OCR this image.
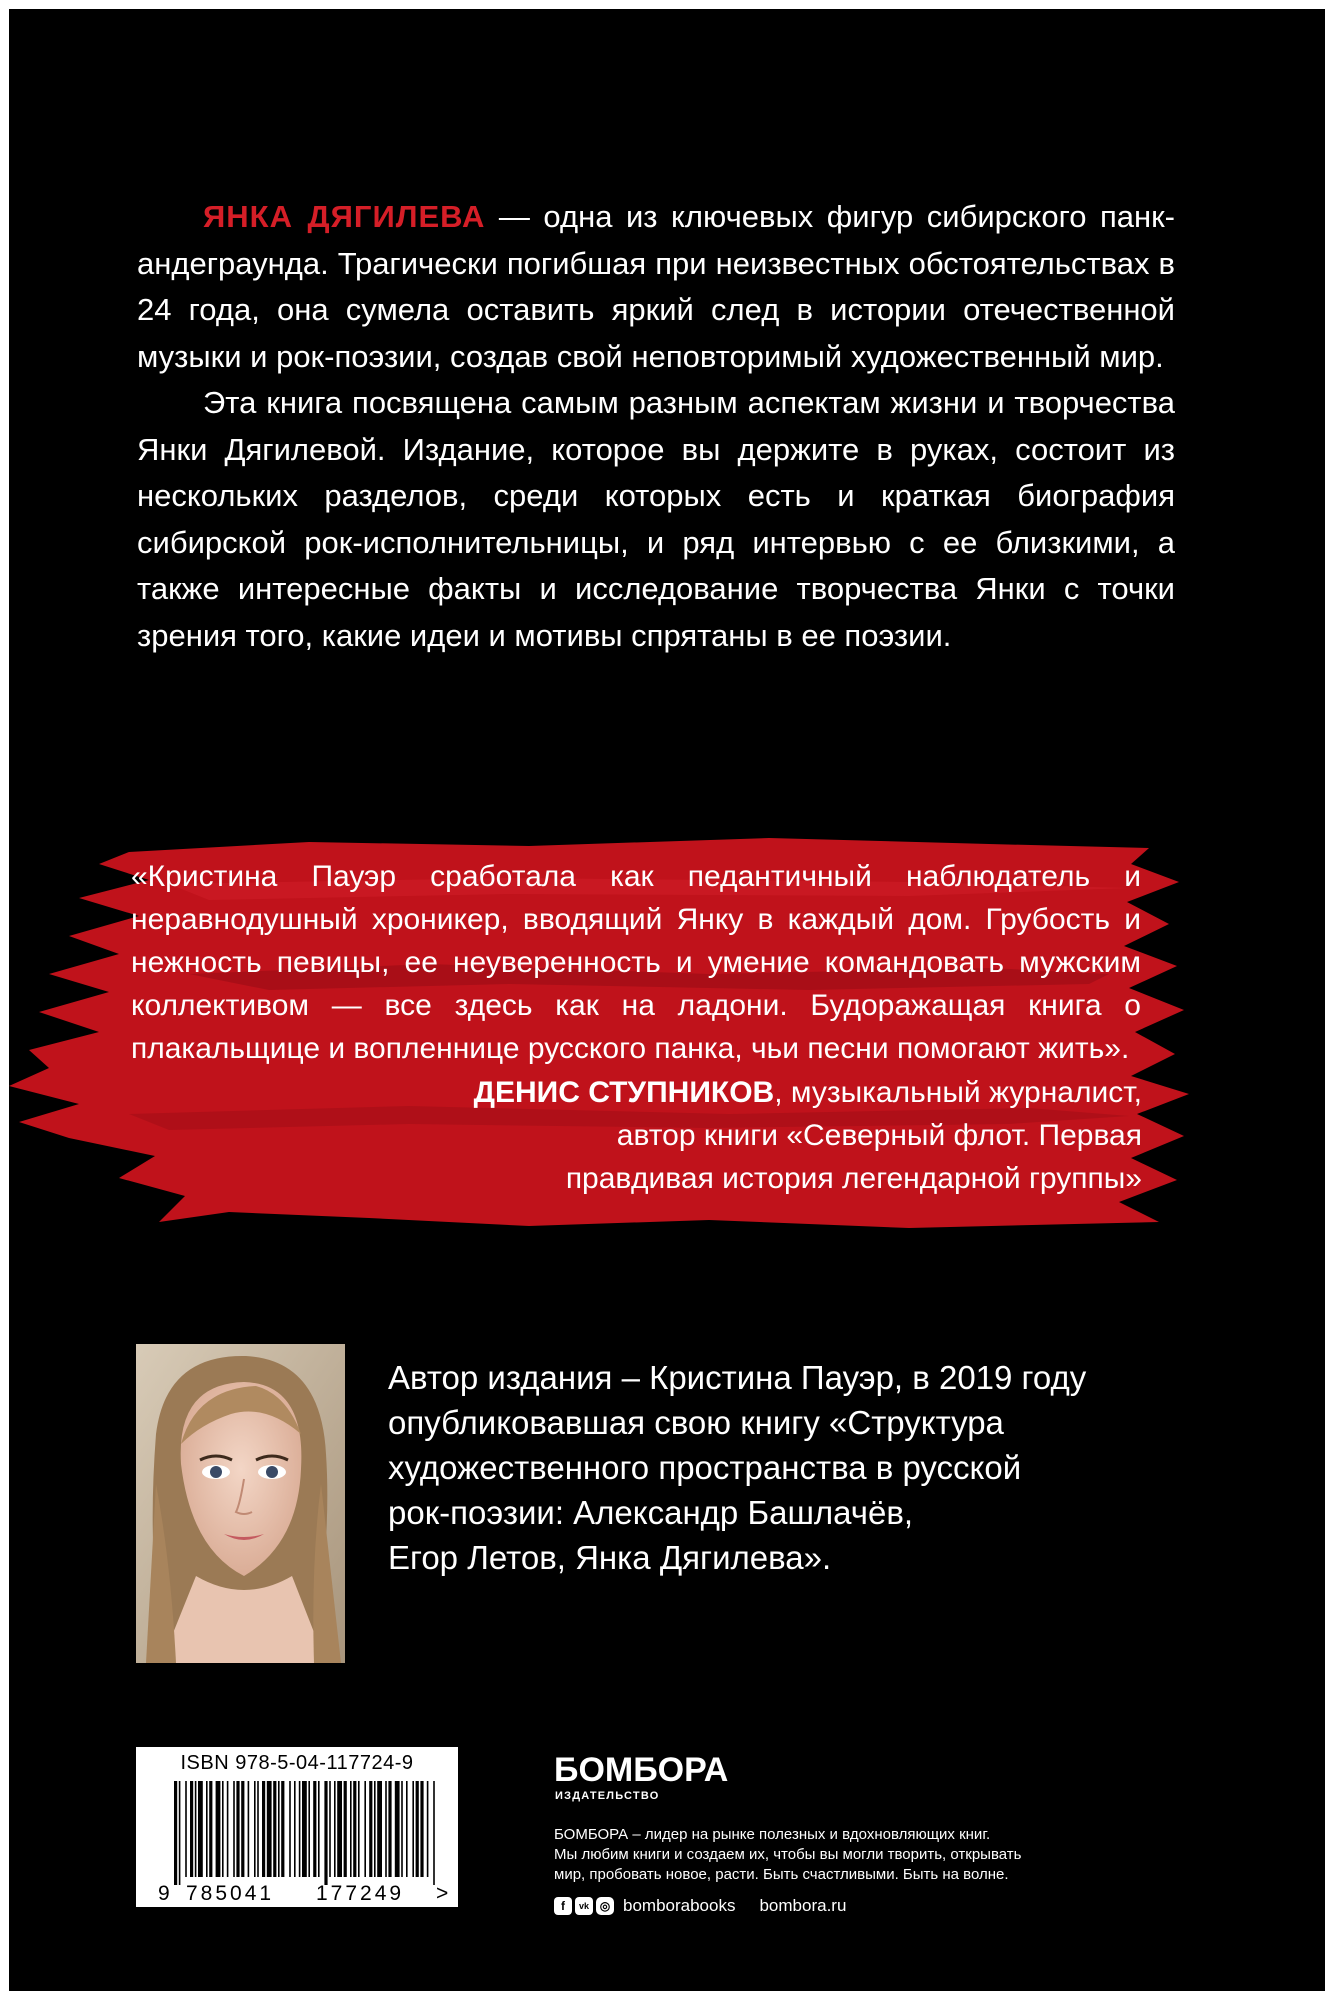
ЯНКА ДЯГИЛЕВА — одна из ключевых фигур сибирского панк-андеграунда. Трагически погибшая при неизвестных обстоятельствах в 24 года, она сумела оставить яркий след в истории отечественной музыки и рок-поэзии, создав свой неповторимый художественный мир.

Эта книга посвящена самым разным аспектам жизни и творчества Янки Дягилевой. Издание, которое вы держите в руках, состоит из нескольких разделов, среди которых есть и краткая биография сибирской рок-исполнительницы, и ряд интервью с ее близкими, а также интересные факты и исследование творчества Янки с точки зрения того, какие идеи и мотивы спрятаны в ее поэзии.

«Кристина Пауэр сработала как педантичный наблюдатель и неравнодушный хроникер, вводящий Янку в каждый дом. Грубость и нежность певицы, ее неуверенность и умение командовать мужским коллективом — все здесь как на ладони. Будоражащая книга о плакальщице и вопленнице русского панка, чьи песни помогают жить».

ДЕНИС СТУПНИКОВ, музыкальный журналист,
автор книги «Северный флот. Первая
правдивая история легендарной группы»
Автор издания – Кристина Пауэр, в 2019 году
опубликовавшая свою книгу «Структура
художественного пространства в русской
рок-поэзии: Александр Башлачёв,
Егор Летов, Янка Дягилева».
ISBN 978-5-04-117724-9
9 785041 177249 >
БОМБОРА
ИЗДАТЕЛЬСТВО
БОМБОРА – лидер на рынке полезных и вдохновляющих книг.
Мы любим книги и создаем их, чтобы вы могли творить, открывать
мир, пробовать новое, расти. Быть счастливыми. Быть на волне.
f	vk ◎ bomborabooks bombora.ru
